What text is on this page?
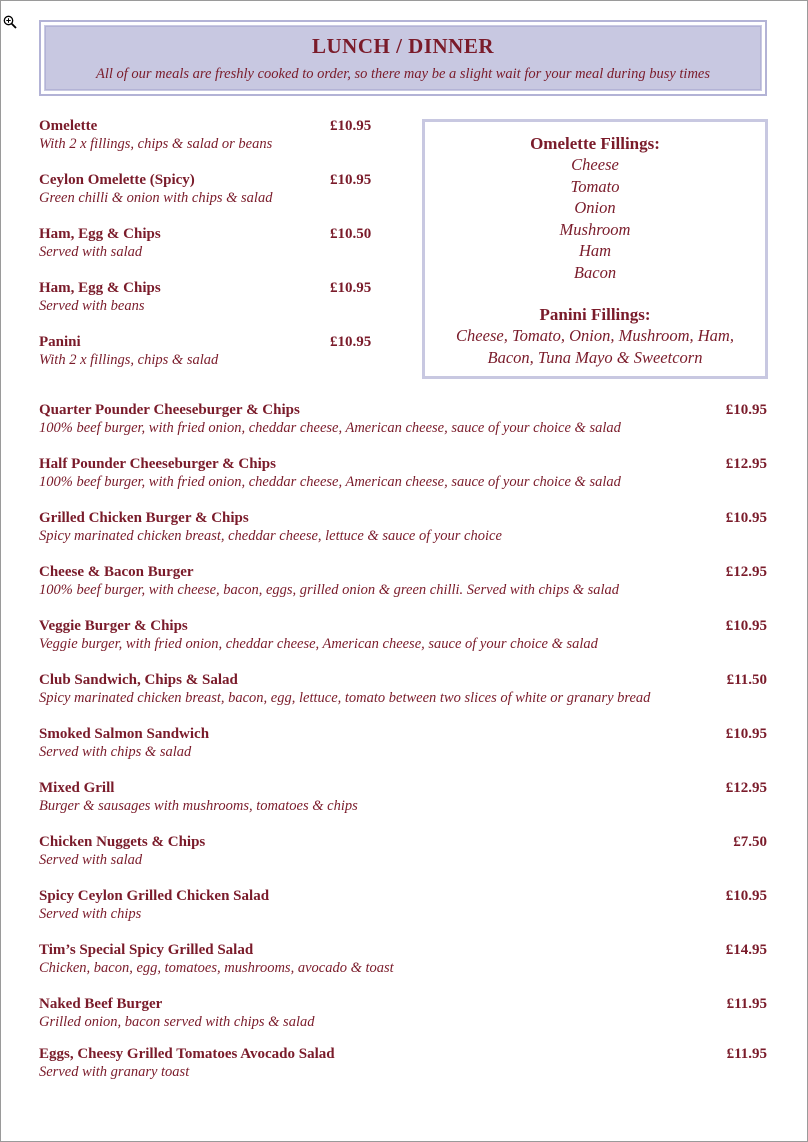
LUNCH / DINNER
All of our meals are freshly cooked to order, so there may be a slight wait for your meal during busy times
Omelette
With 2 x fillings, chips & salad or beans
£10.95
Ceylon Omelette (Spicy)
Green chilli & onion with chips & salad
£10.95
Ham, Egg & Chips
Served with salad
£10.50
Ham, Egg & Chips
Served with beans
£10.95
Panini
With 2 x fillings, chips & salad
£10.95
Omelette Fillings:
Cheese
Tomato
Onion
Mushroom
Ham
Bacon
Panini Fillings:
Cheese, Tomato, Onion, Mushroom, Ham,
Bacon, Tuna Mayo & Sweetcorn
Quarter Pounder Cheeseburger & Chips
100% beef burger, with fried onion, cheddar cheese, American cheese, sauce of your choice & salad
£10.95
Half Pounder Cheeseburger & Chips
100% beef burger, with fried onion, cheddar cheese, American cheese, sauce of your choice & salad
£12.95
Grilled Chicken Burger & Chips
Spicy marinated chicken breast, cheddar cheese, lettuce & sauce of your choice
£10.95
Cheese & Bacon Burger
100% beef burger, with cheese, bacon, eggs, grilled onion & green chilli. Served with chips & salad
£12.95
Veggie Burger & Chips
Veggie burger, with fried onion, cheddar cheese, American cheese, sauce of your choice & salad
£10.95
Club Sandwich, Chips & Salad
Spicy marinated chicken breast, bacon, egg, lettuce, tomato between two slices of white or granary bread
£11.50
Smoked Salmon Sandwich
Served with chips & salad
£10.95
Mixed Grill
Burger & sausages with mushrooms, tomatoes & chips
£12.95
Chicken Nuggets & Chips
Served with salad
£7.50
Spicy Ceylon Grilled Chicken Salad
Served with chips
£10.95
Tim’s Special Spicy Grilled Salad
Chicken, bacon, egg, tomatoes, mushrooms, avocado & toast
£14.95
Naked Beef Burger
Grilled onion, bacon served with chips & salad
£11.95
Eggs, Cheesy Grilled Tomatoes Avocado Salad
Served with granary toast
£11.95
